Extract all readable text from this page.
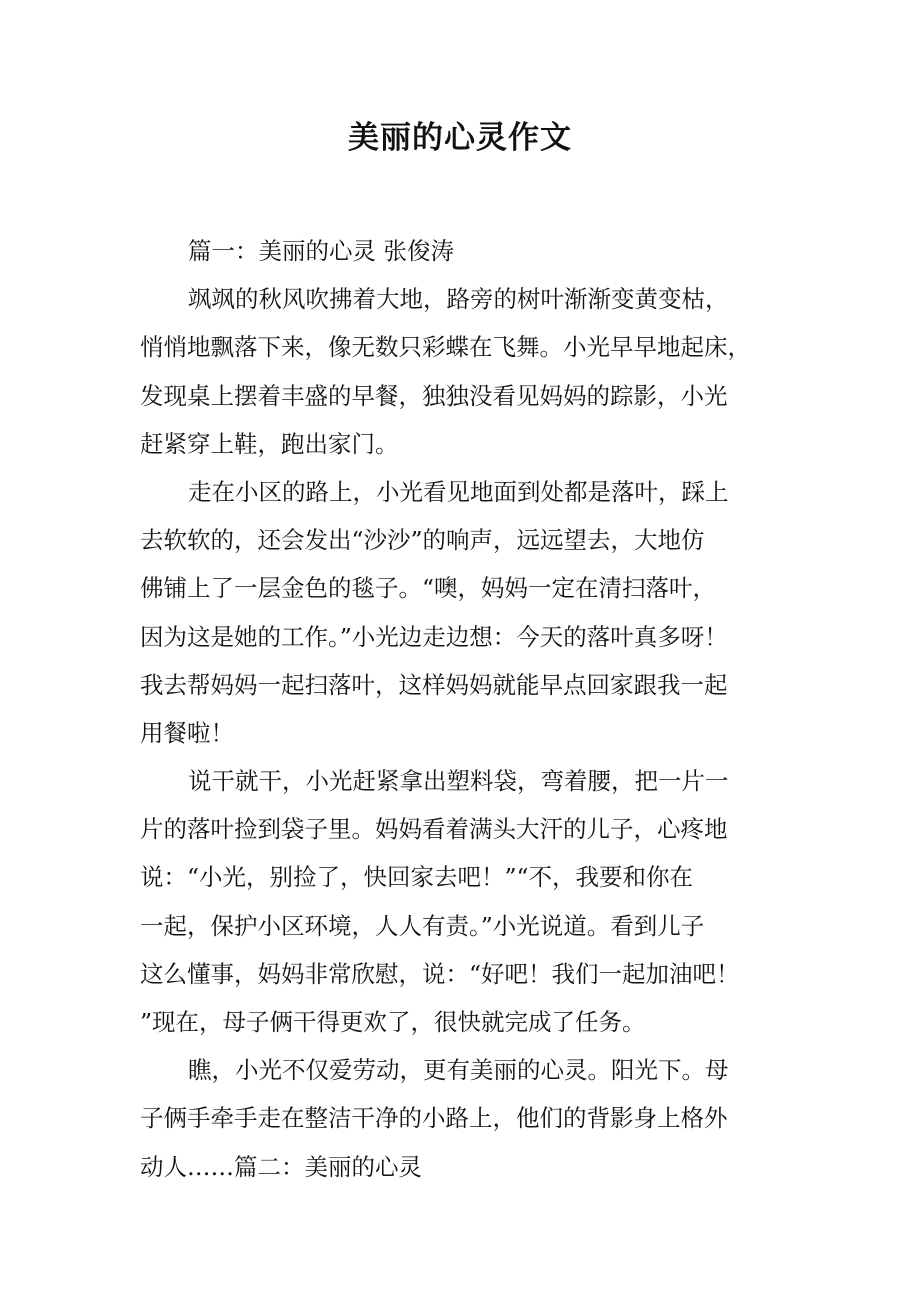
美丽的心灵作文
篇一：美丽的心灵 张俊涛
飒飒的秋风吹拂着大地，路旁的树叶渐渐变黄变枯，
悄悄地飘落下来，像无数只彩蝶在飞舞。小光早早地起床，
发现桌上摆着丰盛的早餐，独独没看见妈妈的踪影，小光
赶紧穿上鞋，跑出家门。
走在小区的路上，小光看见地面到处都是落叶，踩上
去软软的，还会发出“沙沙”的响声，远远望去，大地仿
佛铺上了一层金色的毯子。“噢，妈妈一定在清扫落叶，
因为这是她的工作。”小光边走边想：今天的落叶真多呀！
我去帮妈妈一起扫落叶，这样妈妈就能早点回家跟我一起
用餐啦！
说干就干，小光赶紧拿出塑料袋，弯着腰，把一片一
片的落叶捡到袋子里。妈妈看着满头大汗的儿子，心疼地
说：“小光，别捡了，快回家去吧！”“不，我要和你在
一起，保护小区环境，人人有责。”小光说道。看到儿子
这么懂事，妈妈非常欣慰，说：“好吧！我们一起加油吧！
”现在，母子俩干得更欢了，很快就完成了任务。
瞧，小光不仅爱劳动，更有美丽的心灵。阳光下。母
子俩手牵手走在整洁干净的小路上，他们的背影身上格外
动人……篇二：美丽的心灵
